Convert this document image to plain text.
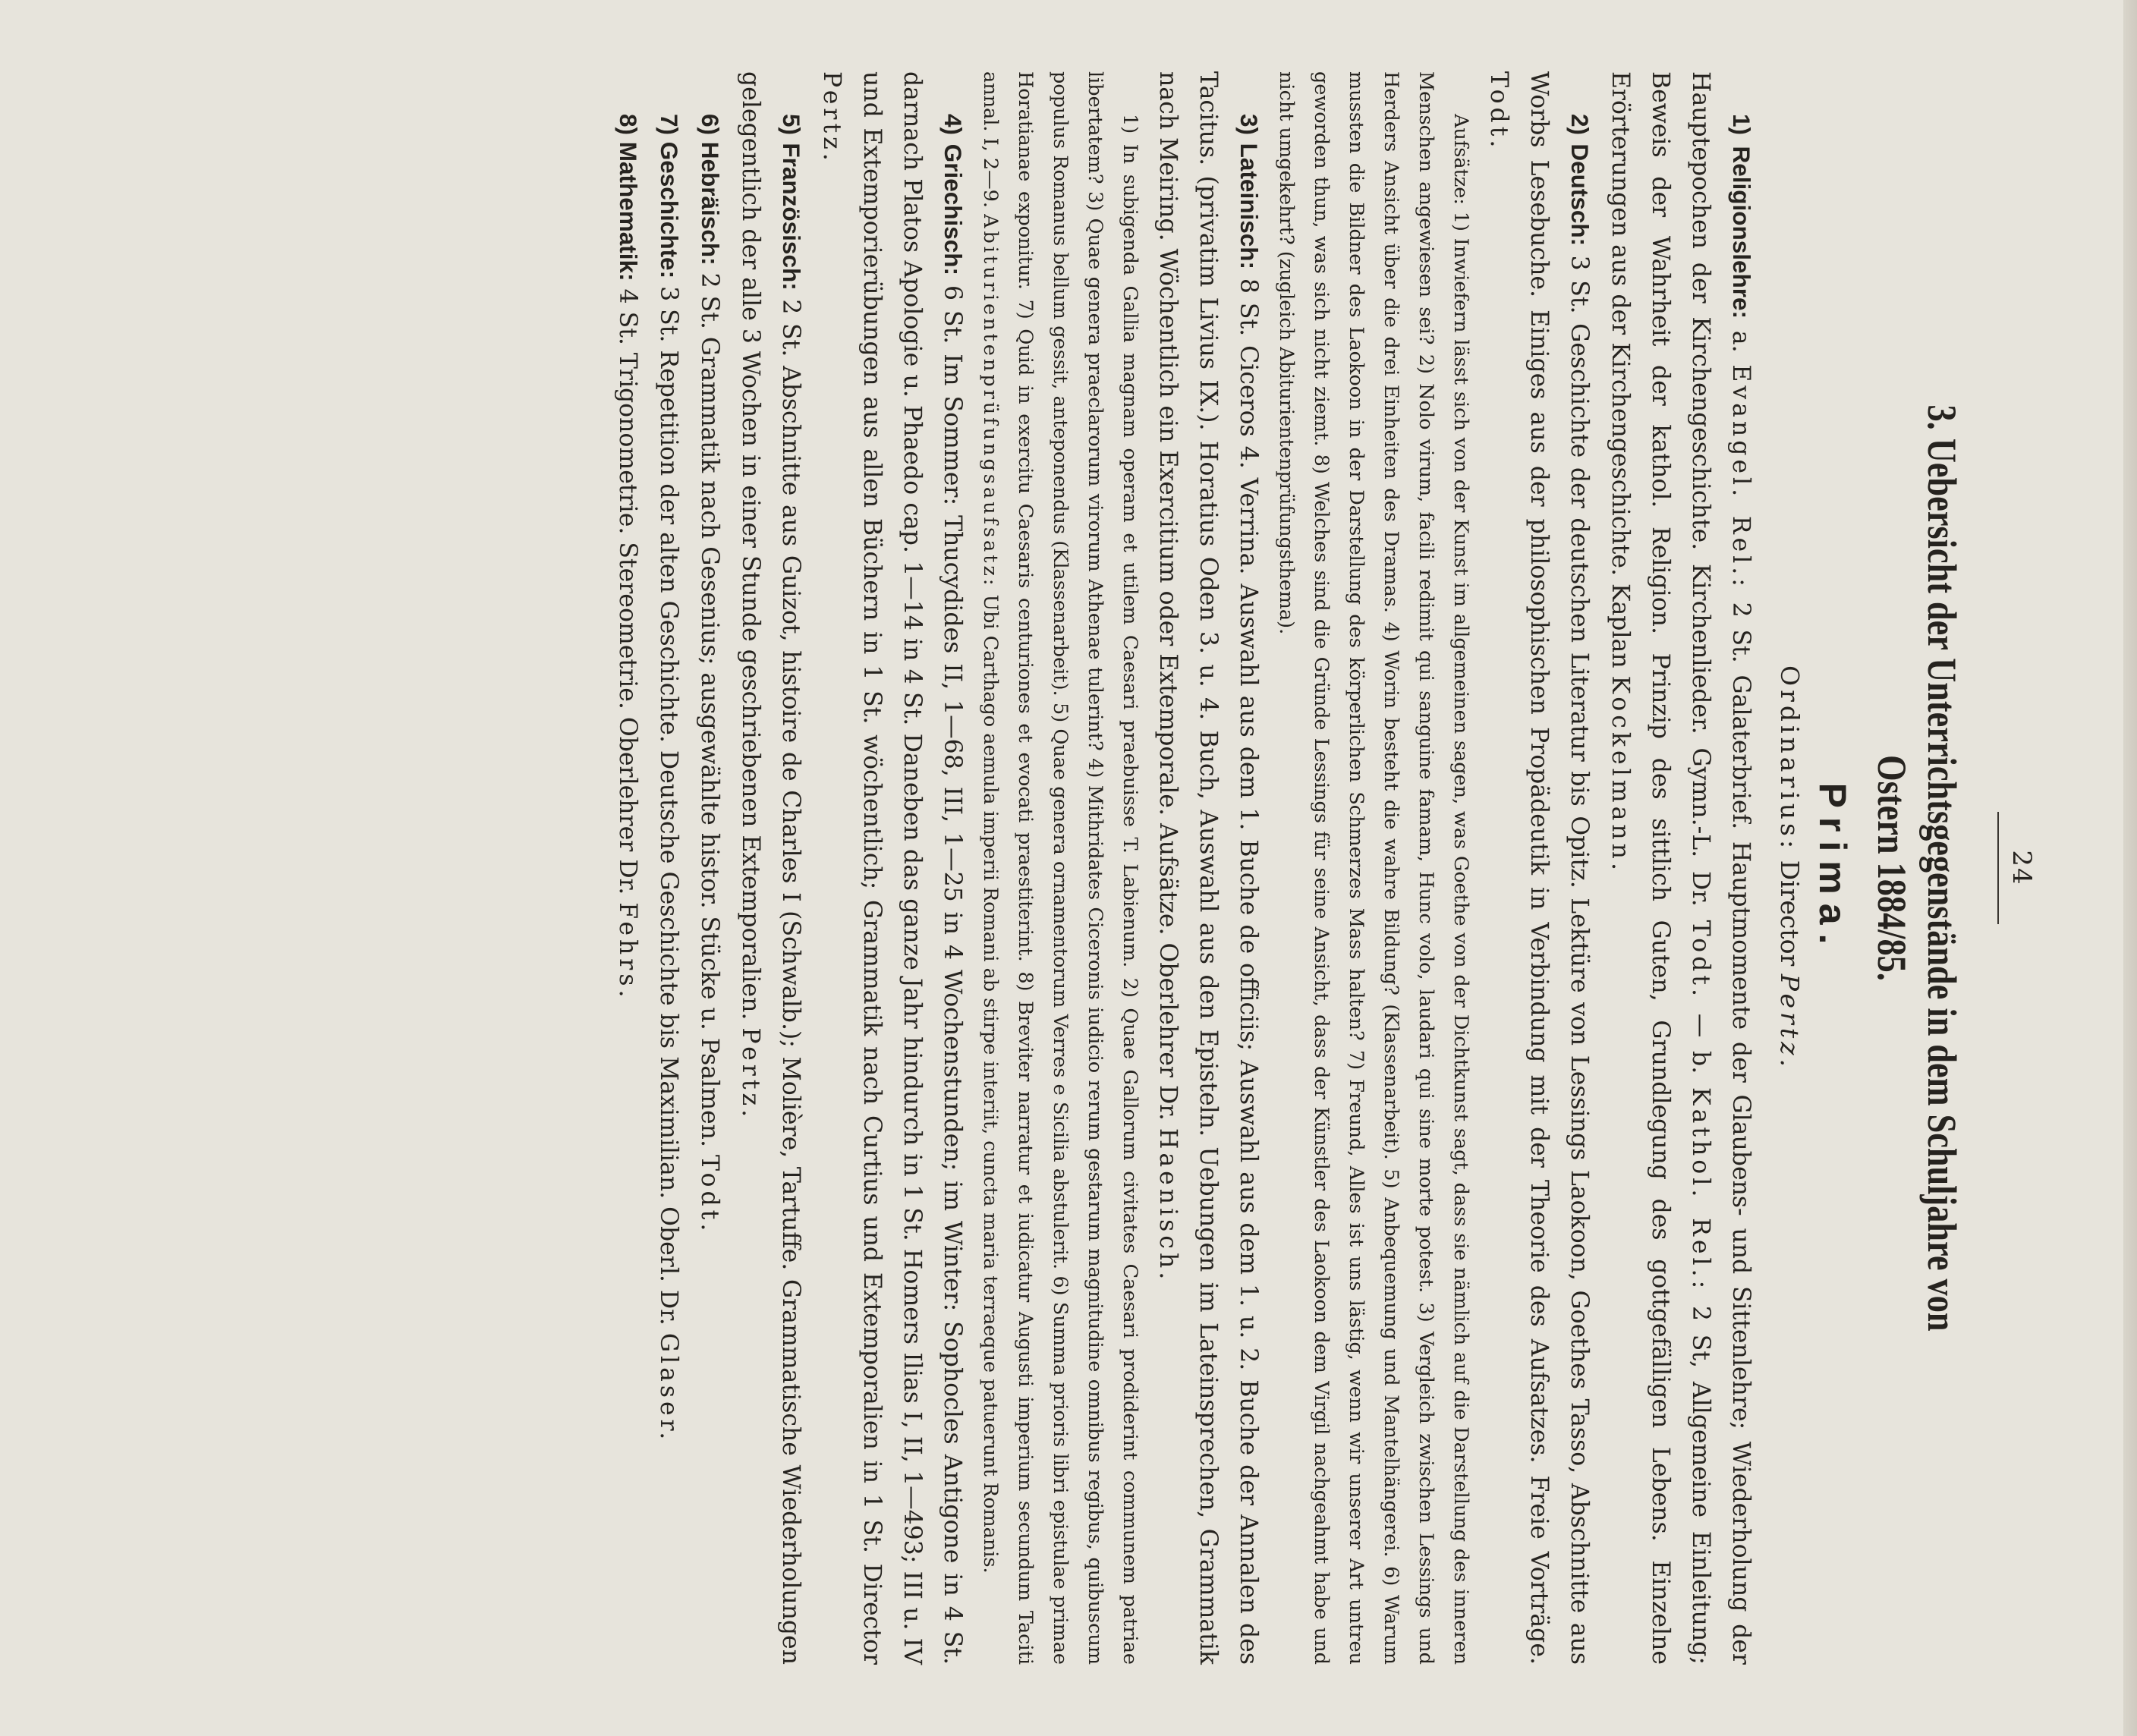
24
3. Uebersicht der Unterrichtsgegenstände in dem Schuljahre von
Ostern 1884/85.
Prima.
Ordinarius: Director Pertz.

1) Religionslehre: a. Evangel. Rel.: 2 St. Galaterbrief. Hauptmomente der Glaubens- und Sittenlehre; Wiederholung der Hauptepochen der Kirchengeschichte. Kirchenlieder. Gymn.-L. Dr. Todt. — b. Kathol. Rel.: 2 St, Allgemeine Einleitung; Beweis der Wahrheit der kathol. Religion. Prinzip des sittlich Guten, Grundlegung des gottgefälligen Lebens. Einzelne Erörterungen aus der Kirchengeschichte. Kaplan Kockelmann.

2) Deutsch: 3 St. Geschichte der deutschen Literatur bis Opitz. Lektüre von Lessings Laokoon, Goethes Tasso, Abschnitte aus Worbs Lesebuche. Einiges aus der philosophischen Propädeutik in Verbindung mit der Theorie des Aufsatzes. Freie Vorträge. Todt.

Aufsätze: 1) Inwiefern lässt sich von der Kunst im allgemeinen sagen, was Goethe von der Dichtkunst sagt, dass sie nämlich auf die Darstellung des inneren Menschen angewiesen sei? 2) Nolo virum, facili redimit qui sanguine famam, Hunc volo, laudari qui sine morte potest. 3) Vergleich zwischen Lessings und Herders Ansicht über die drei Einheiten des Dramas. 4) Worin besteht die wahre Bildung? (Klassenarbeit). 5) Anbequemung und Mantelhängerei. 6) Warum mussten die Bildner des Laokoon in der Darstellung des körperlichen Schmerzes Mass halten? 7) Freund, Alles ist uns lästig, wenn wir unserer Art untreu geworden thun, was sich nicht ziemt. 8) Welches sind die Gründe Lessings für seine Ansicht, dass der Künstler des Laokoon dem Virgil nachgeahmt habe und nicht umgekehrt? (zugleich Abiturientenprüfungsthema).

3) Lateinisch: 8 St. Ciceros 4. Verrina. Auswahl aus dem 1. Buche de officiis; Auswahl aus dem 1. u. 2. Buche der Annalen des Tacitus. (privatim Livius IX.). Horatius Oden 3. u. 4. Buch, Auswahl aus den Episteln. Uebungen im Lateinsprechen, Grammatik nach Meiring. Wöchentlich ein Exercitium oder Extemporale. Aufsätze. Oberlehrer Dr. Haenisch.

1) In subigenda Gallia magnam operam et utilem Caesari praebuisse T. Labienum. 2) Quae Gallorum civitates Caesari prodiderint communem patriae libertatem? 3) Quae genera praeclarorum virorum Athenae tulerint? 4) Mithridates Ciceronis iudicio rerum gestarum magnitudine omnibus regibus, quibuscum populus Romanus bellum gessit, anteponendus (Klassenarbeit). 5) Quae genera ornamentorum Verres e Sicilia abstulerit. 6) Summa prioris libri epistulae primae Horatianae exponitur. 7) Quid in exercitu Caesaris centuriones et evocati praestiterint. 8) Breviter narratur et iudicatur Augusti imperium secundum Taciti annal. I, 2—9. Abiturientenprüfungsaufsatz: Ubi Carthago aemula imperii Romani ab stirpe interiit, cuncta maria terraeque patuerunt Romanis.

4) Griechisch: 6 St. Im Sommer: Thucydides II, 1—68, III, 1—25 in 4 Wochenstunden; im Winter: Sophocles Antigone in 4 St. darnach Platos Apologie u. Phaedo cap. 1—14 in 4 St. Daneben das ganze Jahr hindurch in 1 St. Homers Ilias I, II, 1—493; III u. IV und Extemporierübungen aus allen Büchern in 1 St. wöchentlich; Grammatik nach Curtius und Extemporalien in 1 St. Director Pertz.

5) Französisch: 2 St. Abschnitte aus Guizot, histoire de Charles I (Schwalb.); Molière, Tartuffe. Grammatische Wiederholungen gelegentlich der alle 3 Wochen in einer Stunde geschriebenen Extemporalien. Pertz.

6) Hebräisch: 2 St. Grammatik nach Gesenius; ausgewählte histor. Stücke u. Psalmen. Todt.

7) Geschichte: 3 St. Repetition der alten Geschichte. Deutsche Geschichte bis Maximilian. Oberl. Dr. Glaser.

8) Mathematik: 4 St. Trigonometrie. Stereometrie. Oberlehrer Dr. Fehrs.
